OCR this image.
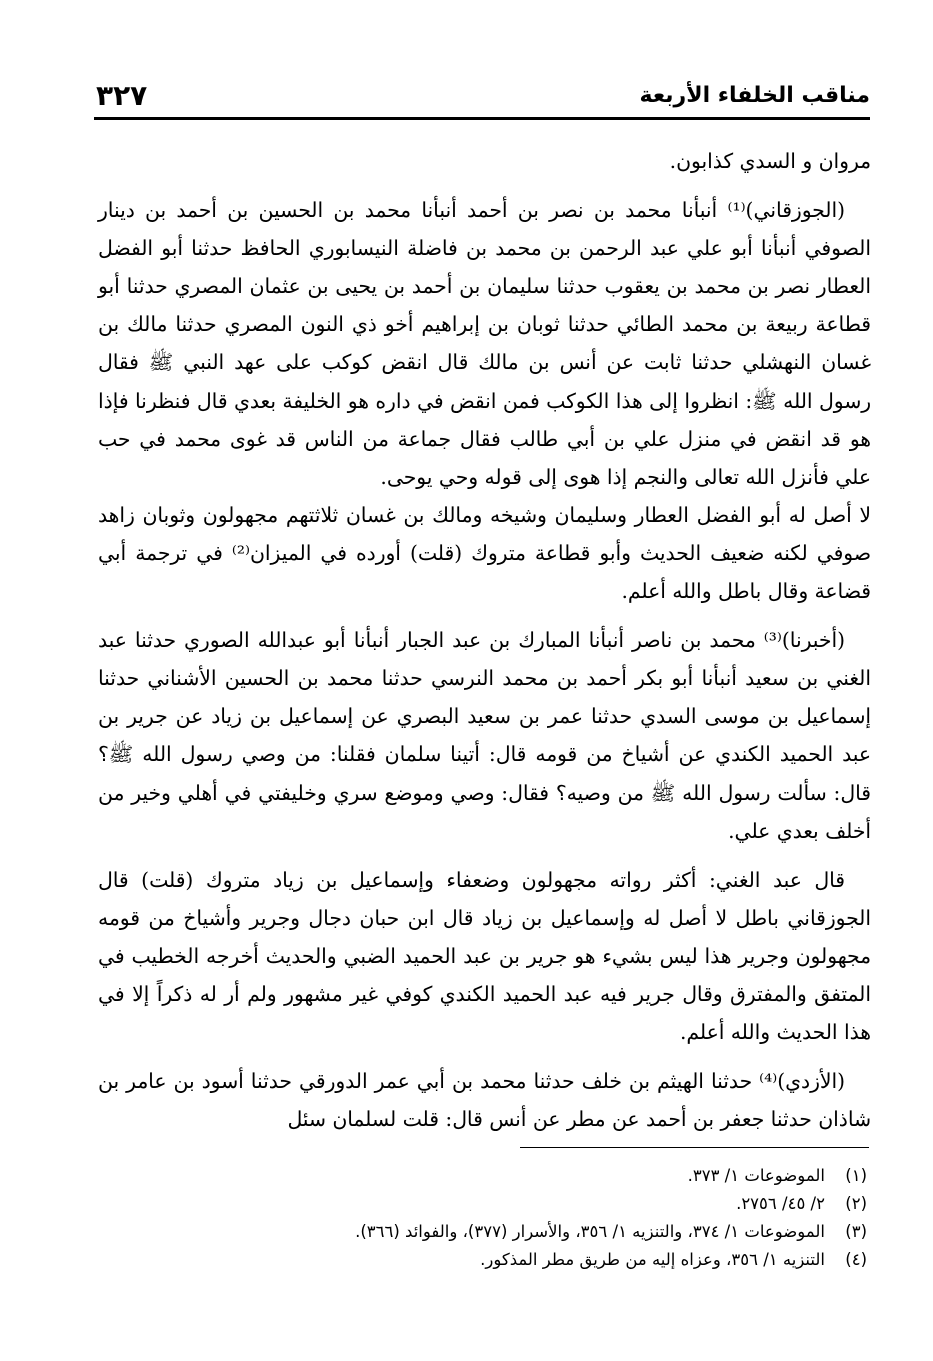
٣٢٧	مناقب الخلفاء الأربعة

مروان و السدي كذابون.

(الجوزقاني)⁽¹⁾ أنبأنا محمد بن نصر بن أحمد أنبأنا محمد بن الحسين بن أحمد بن دينار الصوفي أنبأنا أبو علي عبد الرحمن بن محمد بن فاضلة النيسابوري الحافظ حدثنا أبو الفضل العطار نصر بن محمد بن يعقوب حدثنا سليمان بن أحمد بن يحيى بن عثمان المصري حدثنا أبو قطاعة ربيعة بن محمد الطائي حدثنا ثوبان بن إبراهيم أخو ذي النون المصري حدثنا مالك بن غسان النهشلي حدثنا ثابت عن أنس بن مالك قال انقض كوكب على عهد النبي ﷺ فقال رسول الله ﷺ: انظروا إلى هذا الكوكب فمن انقض في داره هو الخليفة بعدي قال فنظرنا فإذا هو قد انقض في منزل علي بن أبي طالب فقال جماعة من الناس قد غوى محمد في حب علي فأنزل الله تعالى والنجم إذا هوى إلى قوله وحي يوحى.

لا أصل له أبو الفضل العطار وسليمان وشيخه ومالك بن غسان ثلاثتهم مجهولون وثوبان زاهد صوفي لكنه ضعيف الحديث وأبو قطاعة متروك (قلت) أورده في الميزان⁽²⁾ في ترجمة أبي قضاعة وقال باطل والله أعلم.

(أخبرنا)⁽³⁾ محمد بن ناصر أنبأنا المبارك بن عبد الجبار أنبأنا أبو عبدالله الصوري حدثنا عبد الغني بن سعيد أنبأنا أبو بكر أحمد بن محمد النرسي حدثنا محمد بن الحسين الأشناني حدثنا إسماعيل بن موسى السدي حدثنا عمر بن سعيد البصري عن إسماعيل بن زياد عن جرير بن عبد الحميد الكندي عن أشياخ من قومه قال: أتينا سلمان فقلنا: من وصي رسول الله ﷺ؟ قال: سألت رسول الله ﷺ من وصيه؟ فقال: وصي وموضع سري وخليفتي في أهلي وخير من أخلف بعدي علي.

قال عبد الغني: أكثر رواته مجهولون وضعفاء وإسماعيل بن زياد متروك (قلت) قال الجوزقاني باطل لا أصل له وإسماعيل بن زياد قال ابن حبان دجال وجرير وأشياخ من قومه مجهولون وجرير هذا ليس بشيء هو جرير بن عبد الحميد الضبي والحديث أخرجه الخطيب في المتفق والمفترق وقال جرير فيه عبد الحميد الكندي كوفي غير مشهور ولم أر له ذكراً إلا في هذا الحديث والله أعلم.

(الأزدي)⁽⁴⁾ حدثنا الهيثم بن خلف حدثنا محمد بن أبي عمر الدورقي حدثنا أسود بن عامر بن شاذان حدثنا جعفر بن أحمد عن مطر عن أنس قال: قلت لسلمان سئل

(١)
الموضوعات ١/ ٣٧٣.
(٢)
٢/ ٤٥/ ٢٧٥٦.
(٣)
الموضوعات ١/ ٣٧٤، والتنزيه ١/ ٣٥٦، والأسرار (٣٧٧)، والفوائد (٣٦٦).
(٤)
التنزيه ١/ ٣٥٦، وعزاه إليه من طريق مطر المذكور.
